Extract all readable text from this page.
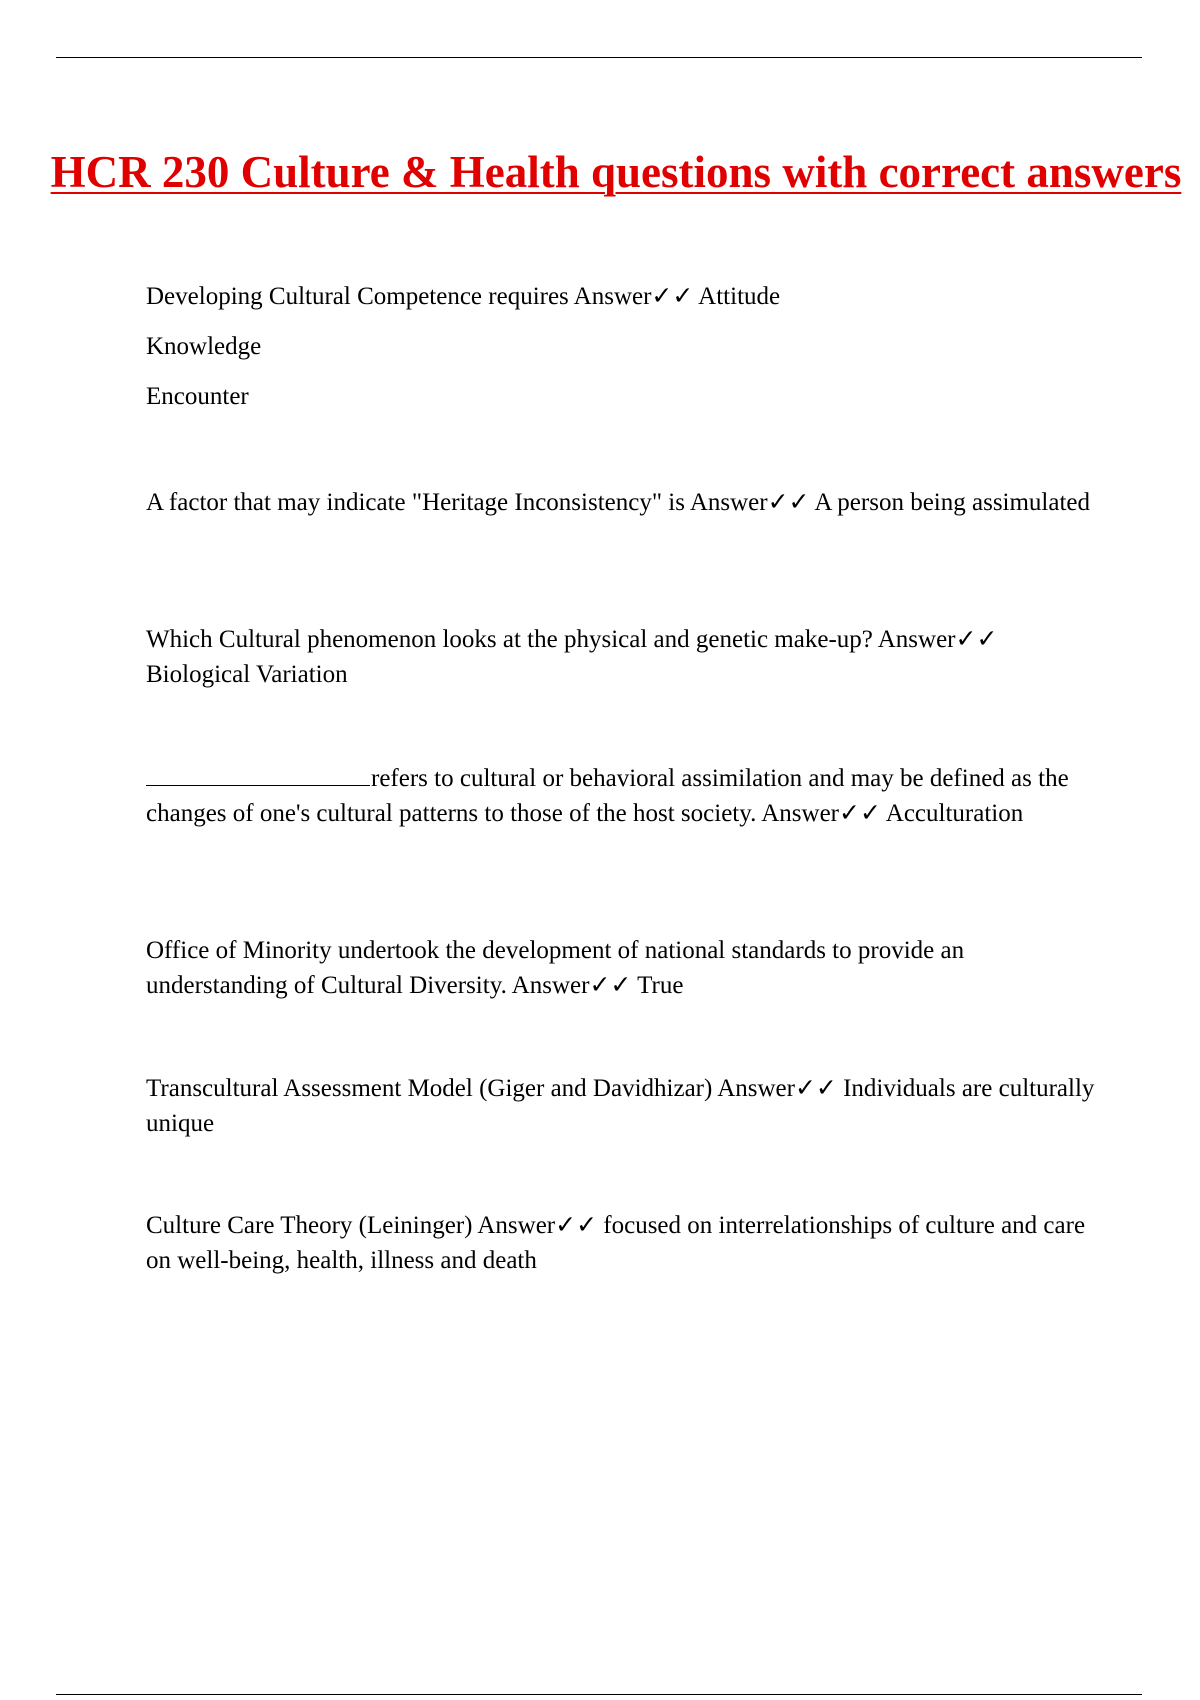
HCR 230 Culture & Health questions with correct answers

Developing Cultural Competence requires Answer✓✓ Attitude

Knowledge

Encounter

A factor that may indicate "Heritage Inconsistency" is Answer✓✓ A person being assimulated

Which Cultural phenomenon looks at the physical and genetic make-up? Answer✓✓ Biological Variation

refers to cultural or behavioral assimilation and may be defined as the changes of one's cultural patterns to those of the host society. Answer✓✓ Acculturation

Office of Minority undertook the development of national standards to provide an understanding of Cultural Diversity. Answer✓✓ True

Transcultural Assessment Model (Giger and Davidhizar) Answer✓✓ Individuals are culturally unique

Culture Care Theory (Leininger) Answer✓✓ focused on interrelationships of culture and care on well-being, health, illness and death
